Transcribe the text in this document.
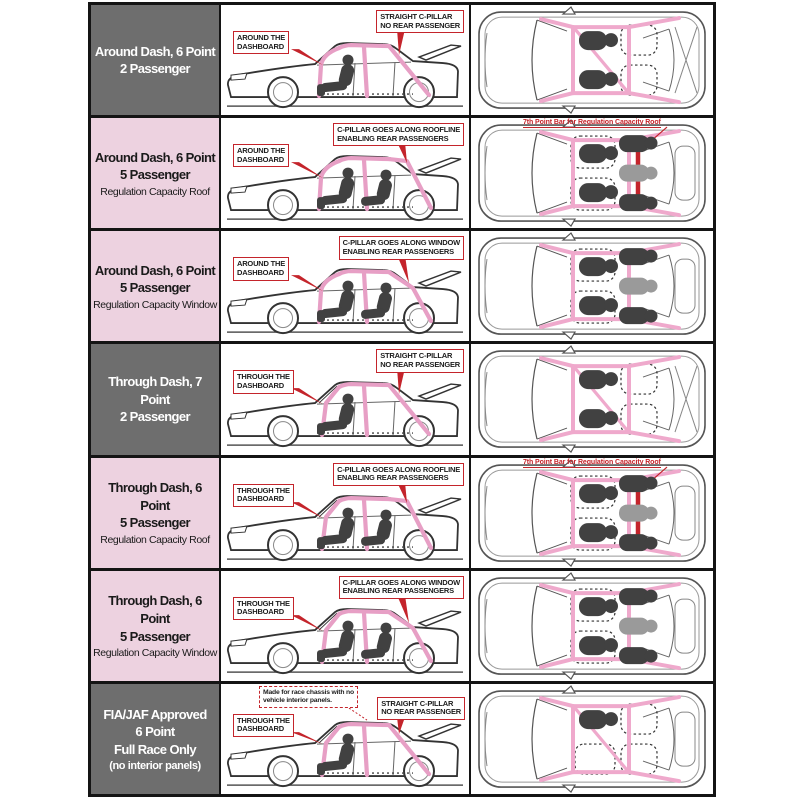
Around Dash, 6 Point
2 Passenger
AROUND THE
DASHBOARD
STRAIGHT C-PILLAR
NO REAR PASSENGER
Around Dash, 6 Point
5 Passenger
Regulation Capacity Roof
AROUND THE
DASHBOARD
C-PILLAR GOES ALONG ROOFLINE
ENABLING REAR PASSENGERS
7th Point Bar for Regulation Capacity Roof
Around Dash, 6 Point
5 Passenger
Regulation Capacity Window
AROUND THE
DASHBOARD
C-PILLAR GOES ALONG WINDOW
ENABLING REAR PASSENGERS
Through Dash, 7 Point
2 Passenger
THROUGH THE
DASHBOARD
STRAIGHT C-PILLAR
NO REAR PASSENGER
Through Dash, 6 Point
5 Passenger
Regulation Capacity Roof
THROUGH THE
DASHBOARD
C-PILLAR GOES ALONG ROOFLINE
ENABLING REAR PASSENGERS
7th Point Bar for Regulation Capacity Roof
Through Dash, 6 Point
5 Passenger
Regulation Capacity Window
THROUGH THE
DASHBOARD
C-PILLAR GOES ALONG WINDOW
ENABLING REAR PASSENGERS
FIA/JAF Approved
6 Point
Full Race Only
(no interior panels)
Made for race chassis with no
vehicle interior panels.
THROUGH THE
DASHBOARD
STRAIGHT C-PILLAR
NO REAR PASSENGER
